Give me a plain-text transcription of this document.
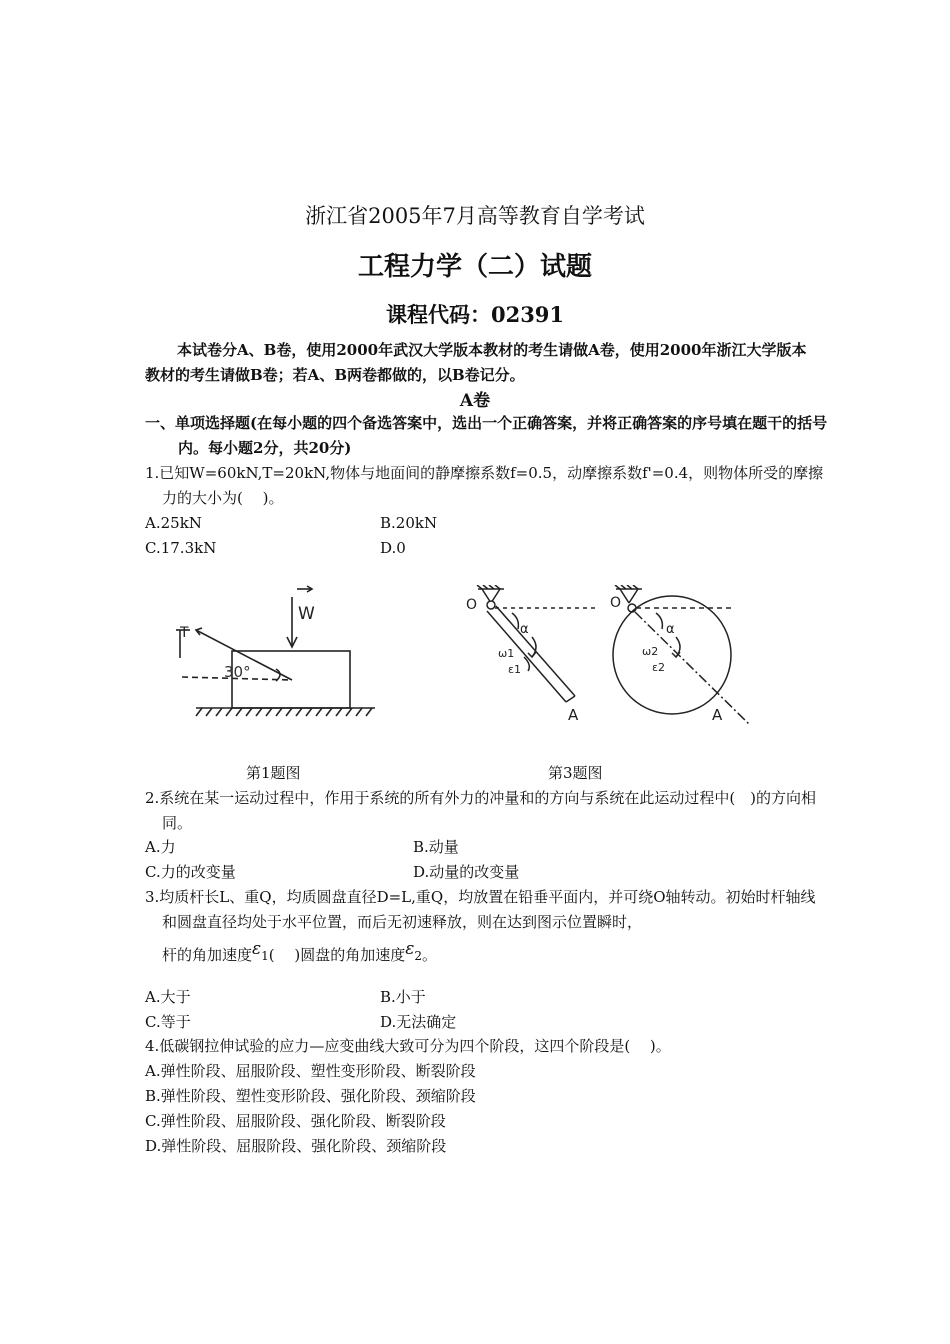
浙江省2005年7月高等教育自学考试
工程力学（二）试题
课程代码：02391
本试卷分A、B卷，使用2000年武汉大学版本教材的考生请做A卷，使用2000年浙江大学版本教材的考生请做B卷；若A、B两卷都做的，以B卷记分。
A卷
一、单项选择题(在每小题的四个备选答案中，选出一个正确答案，并将正确答案的序号填在题干的括号内。每小题2分，共20分)
1.已知W=60kN,T=20kN,物体与地面间的静摩擦系数f=0.5，动摩擦系数f'=0.4，则物体所受的摩擦力的大小为(　 )。
A.25kN	B.20kN
C.17.3kN	D.0
T
W
30°
O
α
ω1
ε1
A
O
α
ω2
ε2
A
第1题图	第3题图
2.系统在某一运动过程中，作用于系统的所有外力的冲量和的方向与系统在此运动过程中(　)的方向相同。
A.力	B.动量
C.力的改变量	D.动量的改变量
3.均质杆长L、重Q，均质圆盘直径D=L,重Q，均放置在铅垂平面内，并可绕O轴转动。初始时杆轴线和圆盘直径均处于水平位置，而后无初速释放，则在达到图示位置瞬时，
杆的角加速度ε1(　 )圆盘的角加速度ε2。
A.大于	B.小于
C.等于	D.无法确定
4.低碳钢拉伸试验的应力—应变曲线大致可分为四个阶段，这四个阶段是(　 )。
A.弹性阶段、屈服阶段、塑性变形阶段、断裂阶段
B.弹性阶段、塑性变形阶段、强化阶段、颈缩阶段
C.弹性阶段、屈服阶段、强化阶段、断裂阶段
D.弹性阶段、屈服阶段、强化阶段、颈缩阶段
